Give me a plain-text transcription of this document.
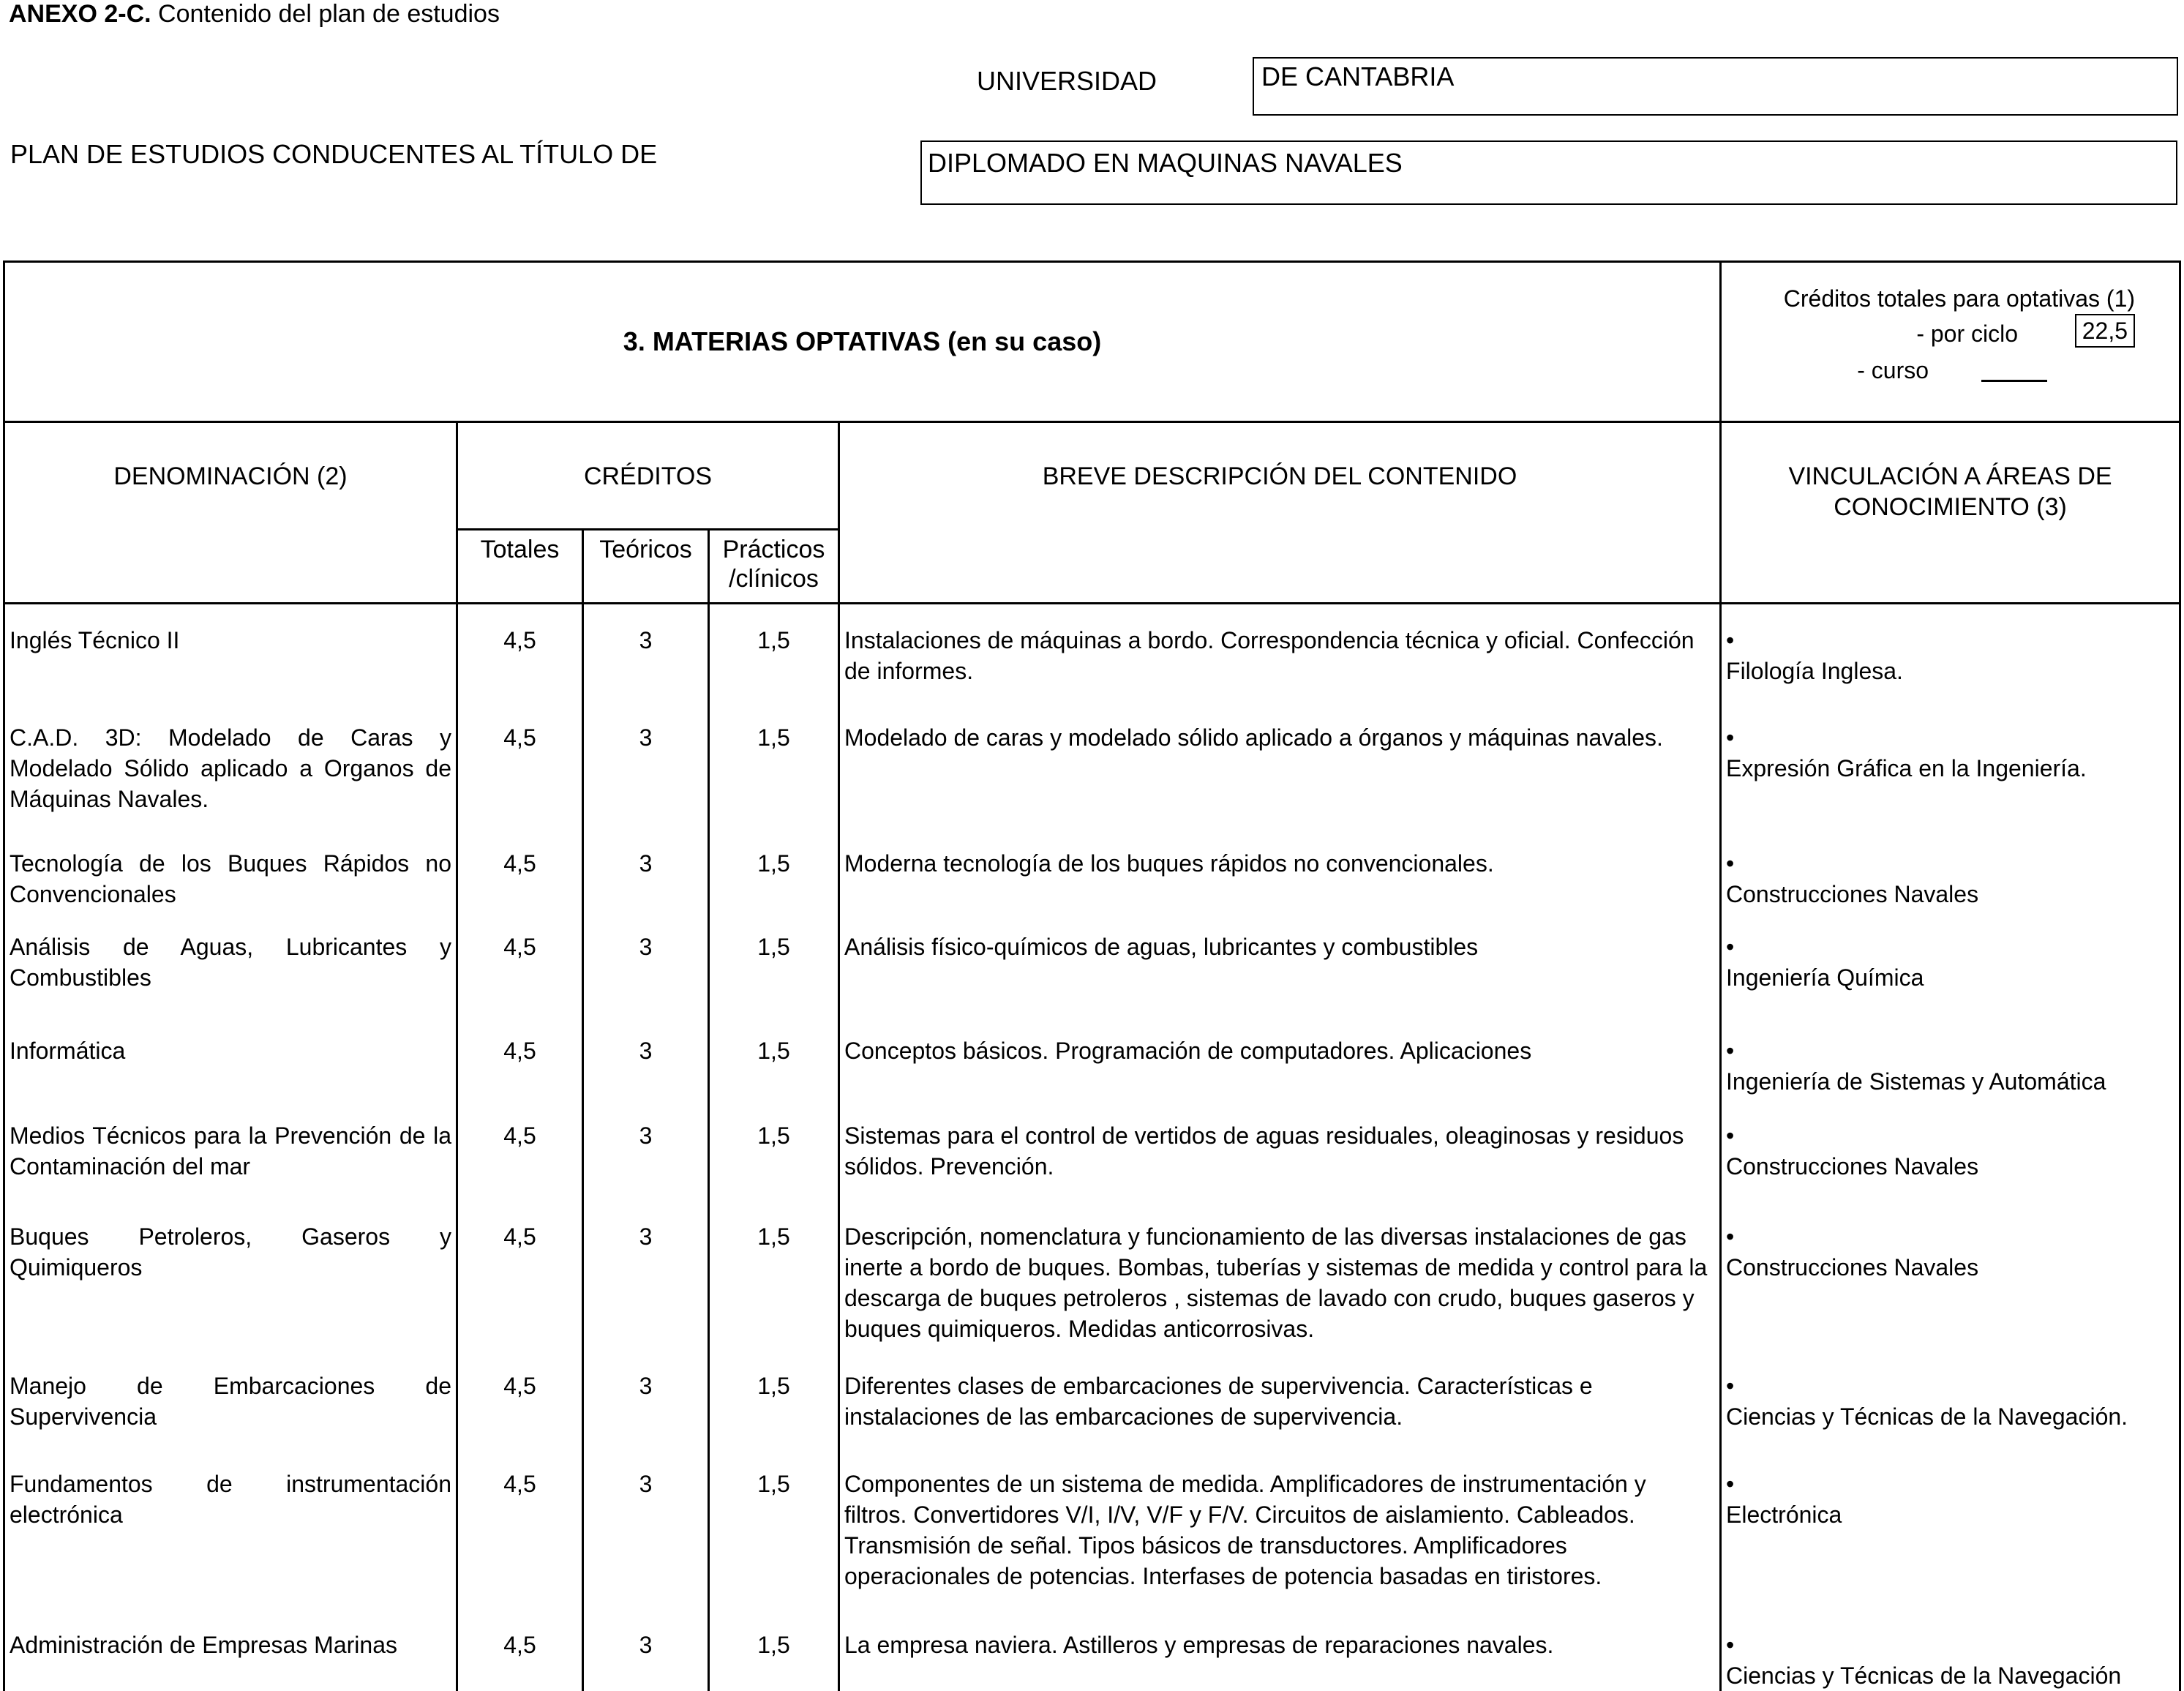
ANEXO 2-C. Contenido del plan de estudios
UNIVERSIDAD	DE CANTABRIA
PLAN DE ESTUDIOS CONDUCENTES AL TÍTULO DE	DIPLOMADO EN MAQUINAS NAVALES
3. MATERIAS OPTATIVAS (en su caso)					Créditos totales para optativas (1)
- por ciclo 22,5
- curso

DENOMINACIÓN (2)	CRÉDITOS			BREVE DESCRIPCIÓN DEL CONTENIDO	VINCULACIÓN A ÁREAS DE CONOCIMIENTO (3)
	Totales	Teóricos	Prácticos
/clínicos		
Inglés Técnico II	4,5	3	1,5	Instalaciones de máquinas a bordo. Correspondencia técnica y oficial. Confección de informes.	•Filología Inglesa.
C.A.D. 3D: Modelado de Caras y Modelado Sólido aplicado a Organos de Máquinas Navales.	4,5	3	1,5	Modelado de caras y modelado sólido aplicado a órganos y máquinas navales.	•Expresión Gráfica en la Ingeniería.
Tecnología de los Buques Rápidos no Convencionales	4,5	3	1,5	Moderna tecnología de los buques rápidos no convencionales.	•Construcciones Navales
Análisis de Aguas, Lubricantes y Combustibles	4,5	3	1,5	Análisis físico-químicos de aguas, lubricantes y combustibles	•Ingeniería Química
Informática	4,5	3	1,5	Conceptos básicos. Programación de computadores. Aplicaciones	•Ingeniería de Sistemas y Automática
Medios Técnicos para la Prevención de la Contaminación del mar	4,5	3	1,5	Sistemas para el control de vertidos de aguas residuales, oleaginosas y residuos sólidos. Prevención.	•Construcciones Navales
Buques Petroleros, Gaseros y Quimiqueros	4,5	3	1,5	Descripción, nomenclatura y funcionamiento de las diversas instalaciones de gas inerte a bordo de buques. Bombas, tuberías y sistemas de medida y control para la descarga de buques petroleros , sistemas de lavado con crudo, buques gaseros y buques quimiqueros. Medidas anticorrosivas.	•Construcciones Navales
Manejo de Embarcaciones de Supervivencia	4,5	3	1,5	Diferentes clases de embarcaciones de supervivencia. Características e instalaciones de las embarcaciones de supervivencia.	•Ciencias y Técnicas de la Navegación.
Fundamentos de instrumentación electrónica	4,5	3	1,5	Componentes de un sistema de medida. Amplificadores de instrumentación y filtros. Convertidores V/I, I/V, V/F y F/V. Circuitos de aislamiento. Cableados. Transmisión de señal. Tipos básicos de transductores. Amplificadores operacionales de potencias. Interfases de potencia basadas en tiristores.	•Electrónica
Administración de Empresas Marinas	4,5	3	1,5	La empresa naviera. Astilleros y empresas de reparaciones navales.	•Ciencias y Técnicas de la Navegación
